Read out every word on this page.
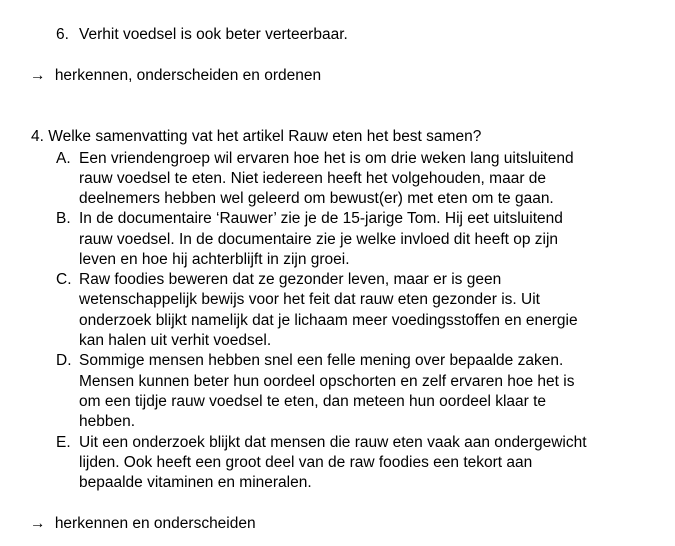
6. Verhit voedsel is ook beter verteerbaar.
→ herkennen, onderscheiden en ordenen
4. Welke samenvatting vat het artikel Rauw eten het best samen?
A. Een vriendengroep wil ervaren hoe het is om drie weken lang uitsluitend
rauw voedsel te eten. Niet iedereen heeft het volgehouden, maar de
deelnemers hebben wel geleerd om bewust(er) met eten om te gaan.
B. In de documentaire ‘Rauwer’ zie je de 15-jarige Tom. Hij eet uitsluitend
rauw voedsel. In de documentaire zie je welke invloed dit heeft op zijn
leven en hoe hij achterblijft in zijn groei.
C. Raw foodies beweren dat ze gezonder leven, maar er is geen
wetenschappelijk bewijs voor het feit dat rauw eten gezonder is. Uit
onderzoek blijkt namelijk dat je lichaam meer voedingsstoffen en energie
kan halen uit verhit voedsel.
D. Sommige mensen hebben snel een felle mening over bepaalde zaken.
Mensen kunnen beter hun oordeel opschorten en zelf ervaren hoe het is
om een tijdje rauw voedsel te eten, dan meteen hun oordeel klaar te
hebben.
E. Uit een onderzoek blijkt dat mensen die rauw eten vaak aan ondergewicht
lijden. Ook heeft een groot deel van de raw foodies een tekort aan
bepaalde vitaminen en mineralen.
→ herkennen en onderscheiden
